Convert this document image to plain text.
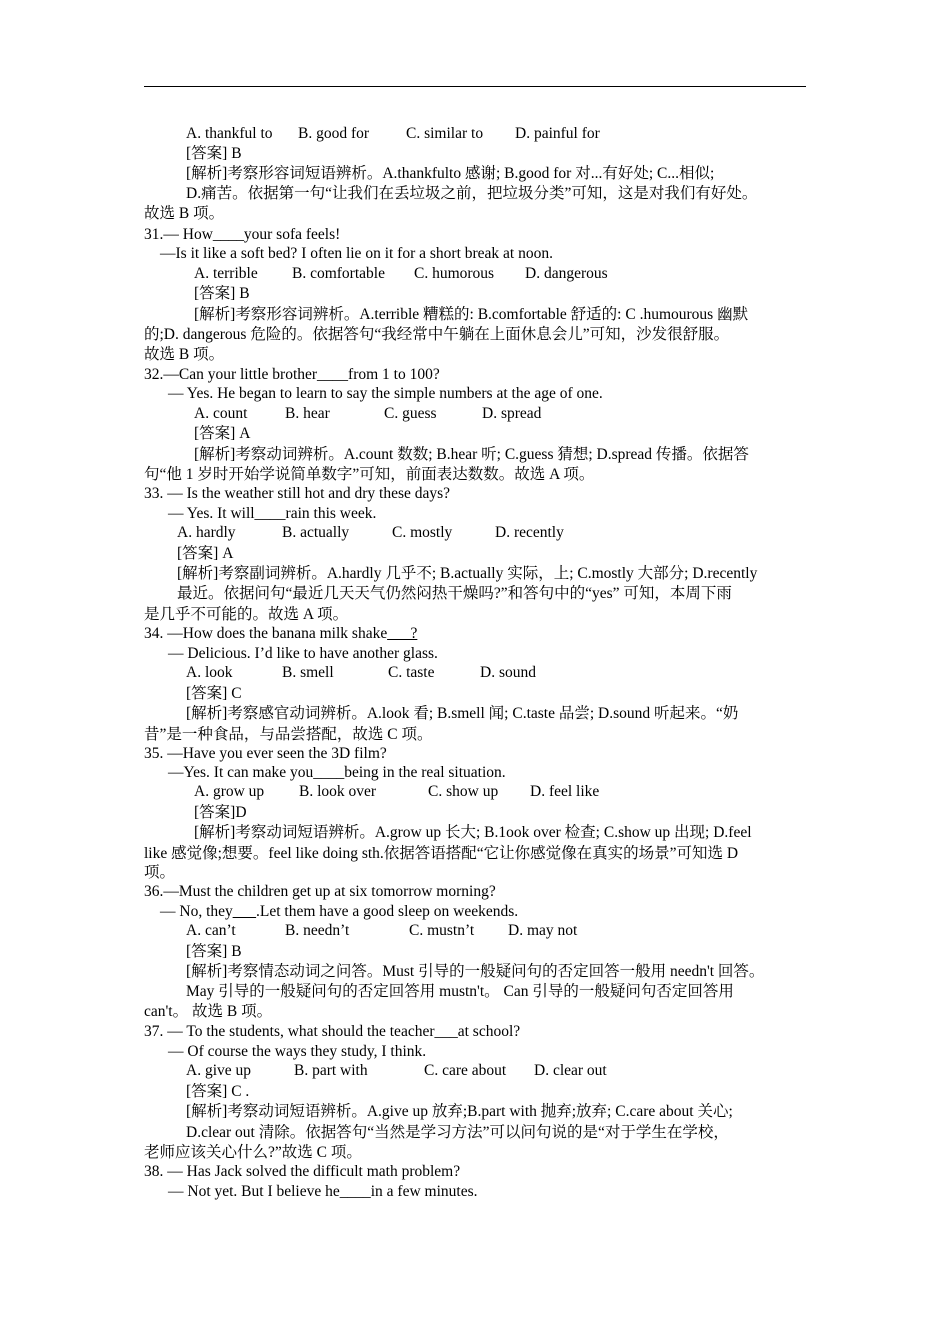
A. thankful to B. good for C. similar to D. painful for
[答案] B
[解析]考察形容词短语辨析。A.thankfulto 感谢; B.good for 对...有好处; C...相似;
D.痛苦。依据第一句“让我们在丢垃圾之前，把垃圾分类”可知，这是对我们有好处。
故选 B 项。
31.— How____your sofa feels!
—Is it like a soft bed? I often lie on it for a short break at noon.
A. terrible B. comfortable C. humorous D. dangerous
[答案] B
[解析]考察形容词辨析。A.terrible 糟糕的: B.comfortable 舒适的: C .humourous 幽默
的;D. dangerous 危险的。依据答句“我经常中午躺在上面休息会儿”可知，沙发很舒服。
故选 B 项。
32.—Can your little brother____from 1 to 100?
— Yes. He began to learn to say the simple numbers at the age of one.
A. count B. hear	C. guess	D. spread
[答案] A
[解析]考察动词辨析。A.count 数数; B.hear 听; C.guess 猜想; D.spread 传播。依据答
句“他 1 岁时开始学说简单数字”可知，前面表达数数。故选 A 项。
33. — Is the weather still hot and dry these days?
— Yes. It will____rain this week.
A. hardly	B. actually	C. mostly	D. recently
[答案] A
[解析]考察副词辨析。A.hardly 几乎不; B.actually 实际，上; C.mostly 大部分; D.recently
最近。依据问句“最近几天天气仍然闷热干燥吗?”和答句中的“yes” 可知，本周下雨
是几乎不可能的。故选 A 项。
34. —How does the banana milk shake___?
— Delicious. I’d like to have another glass.
A. look	B. smell	C. taste	D. sound
[答案] C
[解析]考察感官动词辨析。A.look 看; B.smell 闻; C.taste 品尝; D.sound 听起来。“奶
昔”是一种食品，与品尝搭配，故选 C 项。
35. —Have you ever seen the 3D film?
—Yes. It can make you____being in the real situation.
A. grow up B. look over	C. show up D. feel like
[答案]D
[解析]考察动词短语辨析。A.grow up 长大; B.1ook over 检查; C.show up 出现; D.feel
like 感觉像;想要。feel like doing sth.依据答语搭配“它让你感觉像在真实的场景”可知选 D
项。
36.—Must the children get up at six tomorrow morning?
— No, they___.Let them have a good sleep on weekends.
A. can’t	B. needn’t	C. mustn’t D. may not
[答案] B
[解析]考察情态动词之问答。Must 引导的一般疑问句的否定回答一般用 needn't 回答。
May 引导的一般疑问句的否定回答用 mustn't。 Can 引导的一般疑问句否定回答用
can't。 故选 B 项。
37. — To the students, what should the teacher___at school?
— Of course the ways they study, I think.
A. give up	B. part with	C. care about D. clear out
[答案] C .
[解析]考察动词短语辨析。A.give up 放弃;B.part with 抛弃;放弃; C.care about 关心;
D.clear out 清除。依据答句“当然是学习方法”可以问句说的是“对于学生在学校，
老师应该关心什么?”故选 C 项。
38. — Has Jack solved the difficult math problem?
— Not yet. But I believe he____in a few minutes.
